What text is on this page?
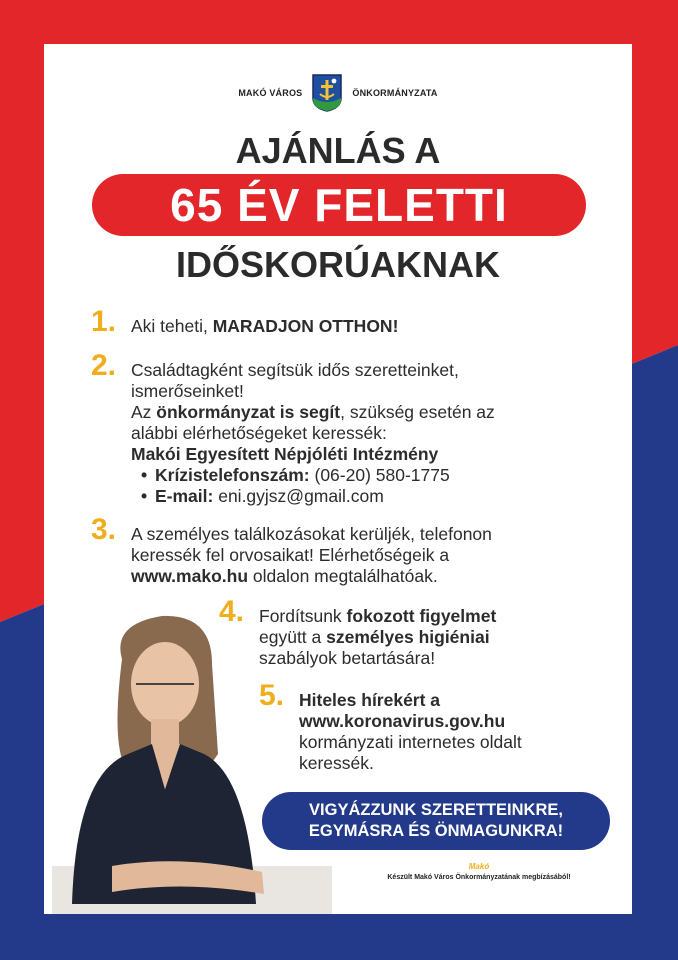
MAKÓ VÁROS	ÖNKORMÁNYZATA
AJÁNLÁS A
65 ÉV FELETTI
IDŐSKORÚAKNAK
1. Aki teheti, MARADJON OTTHON!
2. Családtagként segítsük idős szeretteinket,
ismerőseinket!
Az önkormányzat is segít, szükség esetén az
alábbi elérhetőségeket keressék:
Makói Egyesített Népjóléti Intézmény
• Krízistelefonszám: (06-20) 580-1775
• E-mail: eni.gyjsz@gmail.com
3. A személyes találkozásokat kerüljék, telefonon
keressék fel orvosaikat! Elérhetőségeik a
www.mako.hu oldalon megtalálhatóak.
4. Fordítsunk fokozott figyelmet
együtt a személyes higiéniai
szabályok betartására!
5. Hiteles hírekért a
www.koronavirus.gov.hu
kormányzati internetes oldalt
keressék.
VIGYÁZZUNK SZERETTEINKRE,
EGYMÁSRA ÉS ÖNMAGUNKRA!
Makó
Készült Makó Város Önkormányzatának megbízásából!
